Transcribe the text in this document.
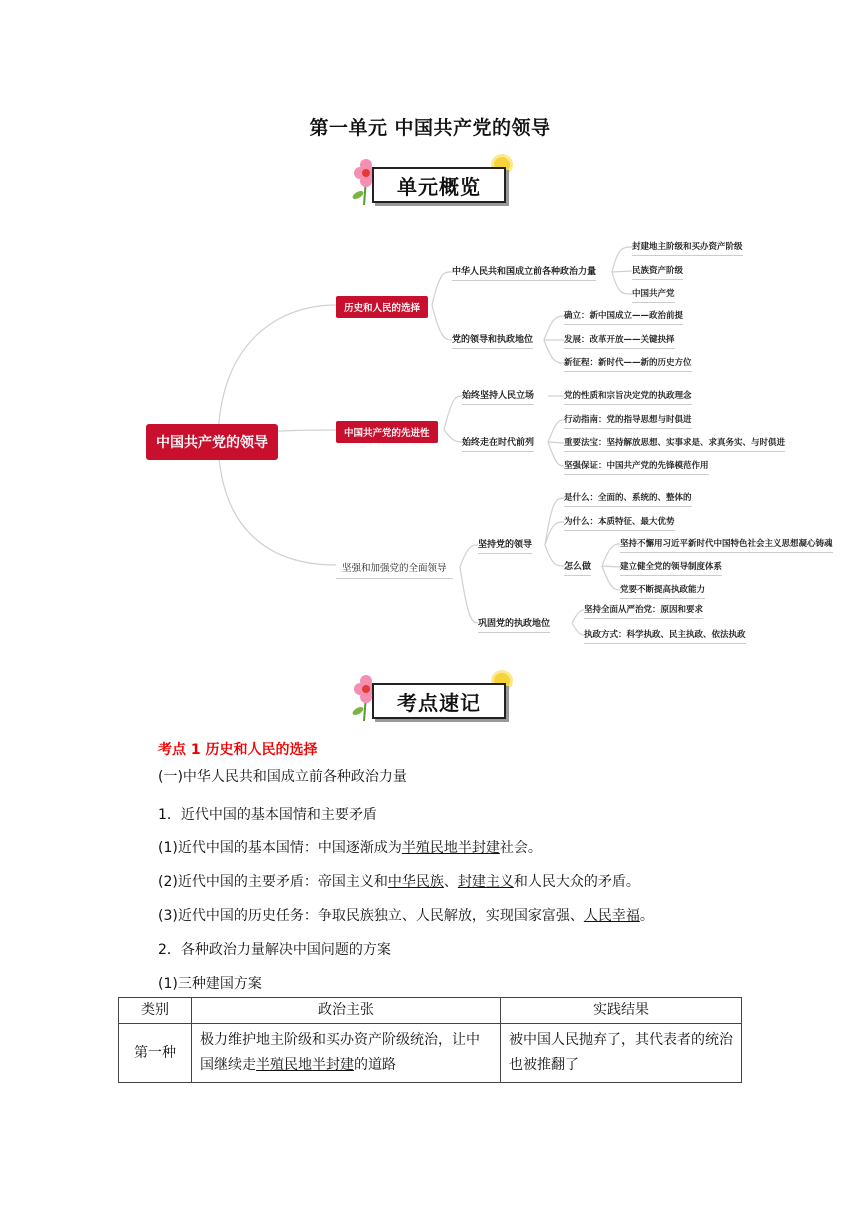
第一单元 中国共产党的领导
单元概览
中国共产党的领导
历史和人民的选择
中国共产党的先进性
坚强和加强党的全面领导
中华人民共和国成立前各种政治力量
封建地主阶级和买办资产阶级
民族资产阶级
中国共产党
党的领导和执政地位
确立：新中国成立——政治前提
发展：改革开放——关键抉择
新征程：新时代——新的历史方位
始终坚持人民立场	党的性质和宗旨决定党的执政理念
始终走在时代前列
行动指南：党的指导思想与时俱进
重要法宝：坚持解放思想、实事求是、求真务实、与时俱进
坚强保证：中国共产党的先锋模范作用
坚持党的领导
是什么：全面的、系统的、整体的
为什么：本质特征、最大优势
怎么做
坚持不懈用习近平新时代中国特色社会主义思想凝心铸魂
建立健全党的领导制度体系
党要不断提高执政能力
巩固党的执政地位
坚持全面从严治党：原因和要求
执政方式：科学执政、民主执政、依法执政
考点速记
考点 1 历史和人民的选择
(一)中华人民共和国成立前各种政治力量
1．近代中国的基本国情和主要矛盾
(1)近代中国的基本国情：中国逐渐成为半殖民地半封建社会。
(2)近代中国的主要矛盾：帝国主义和中华民族、封建主义和人民大众的矛盾。
(3)近代中国的历史任务：争取民族独立、人民解放，实现国家富强、人民幸福。
2．各种政治力量解决中国问题的方案
(1)三种建国方案
类别	政治主张	实践结果
第一种	极力维护地主阶级和买办资产阶级统治，让中国继续走半殖民地半封建的道路	被中国人民抛弃了，其代表者的统治也被推翻了
